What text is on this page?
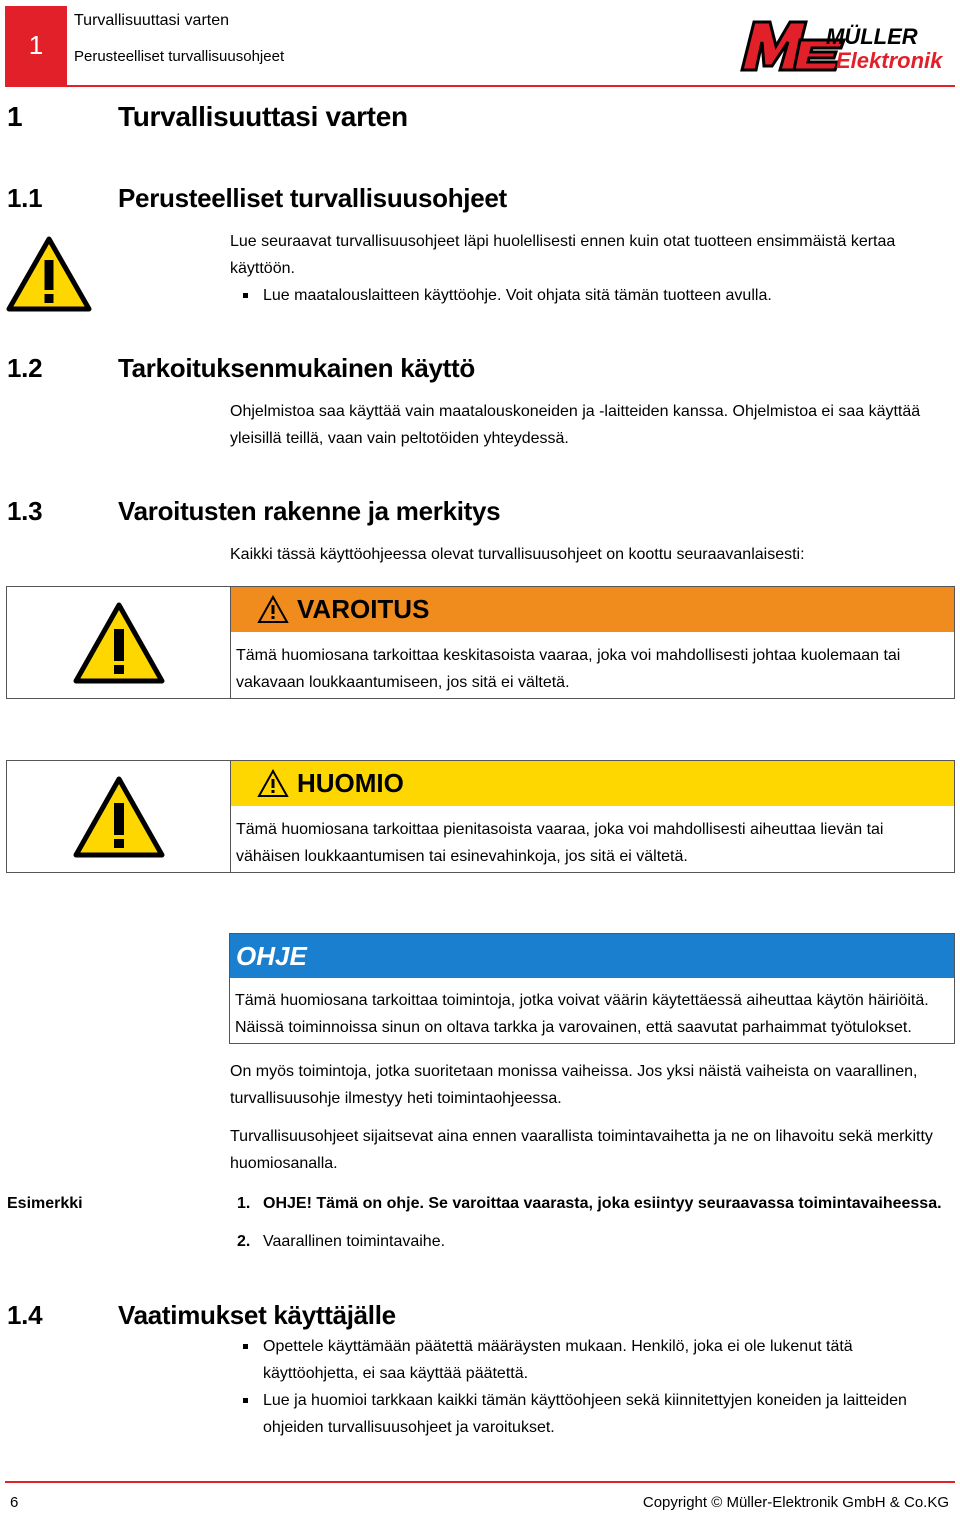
1
Turvallisuuttasi varten
Perusteelliset turvallisuusohjeet
MÜLLER
Elektronik
1	Turvallisuuttasi varten
1.1	Perusteelliset turvallisuusohjeet
Lue seuraavat turvallisuusohjeet läpi huolellisesti ennen kuin otat tuotteen ensimmäistä kertaa
käyttöön.
Lue maatalouslaitteen käyttöohje. Voit ohjata sitä tämän tuotteen avulla.
1.2	Tarkoituksenmukainen käyttö
Ohjelmistoa saa käyttää vain maatalouskoneiden ja -laitteiden kanssa. Ohjelmistoa ei saa käyttää
yleisillä teillä, vaan vain peltotöiden yhteydessä.
1.3	Varoitusten rakenne ja merkitys
Kaikki tässä käyttöohjeessa olevat turvallisuusohjeet on koottu seuraavanlaisesti:
VAROITUS
Tämä huomiosana tarkoittaa keskitasoista vaaraa, joka voi mahdollisesti johtaa kuolemaan tai
vakavaan loukkaantumiseen, jos sitä ei vältetä.
HUOMIO
Tämä huomiosana tarkoittaa pienitasoista vaaraa, joka voi mahdollisesti aiheuttaa lievän tai
vähäisen loukkaantumisen tai esinevahinkoja, jos sitä ei vältetä.
OHJE
Tämä huomiosana tarkoittaa toimintoja, jotka voivat väärin käytettäessä aiheuttaa käytön häiriöitä.
Näissä toiminnoissa sinun on oltava tarkka ja varovainen, että saavutat parhaimmat työtulokset.
On myös toimintoja, jotka suoritetaan monissa vaiheissa. Jos yksi näistä vaiheista on vaarallinen,
turvallisuusohje ilmestyy heti toimintaohjeessa.
Turvallisuusohjeet sijaitsevat aina ennen vaarallista toimintavaihetta ja ne on lihavoitu sekä merkitty
huomiosanalla.
Esimerkki	1. OHJE! Tämä on ohje. Se varoittaa vaarasta, joka esiintyy seuraavassa toimintavaiheessa.
2. Vaarallinen toimintavaihe.
1.4	Vaatimukset käyttäjälle
Opettele käyttämään päätettä määräysten mukaan. Henkilö, joka ei ole lukenut tätä
käyttöohjetta, ei saa käyttää päätettä.
Lue ja huomioi tarkkaan kaikki tämän käyttöohjeen sekä kiinnitettyjen koneiden ja laitteiden
ohjeiden turvallisuusohjeet ja varoitukset.
6	Copyright © Müller-Elektronik GmbH & Co.KG
